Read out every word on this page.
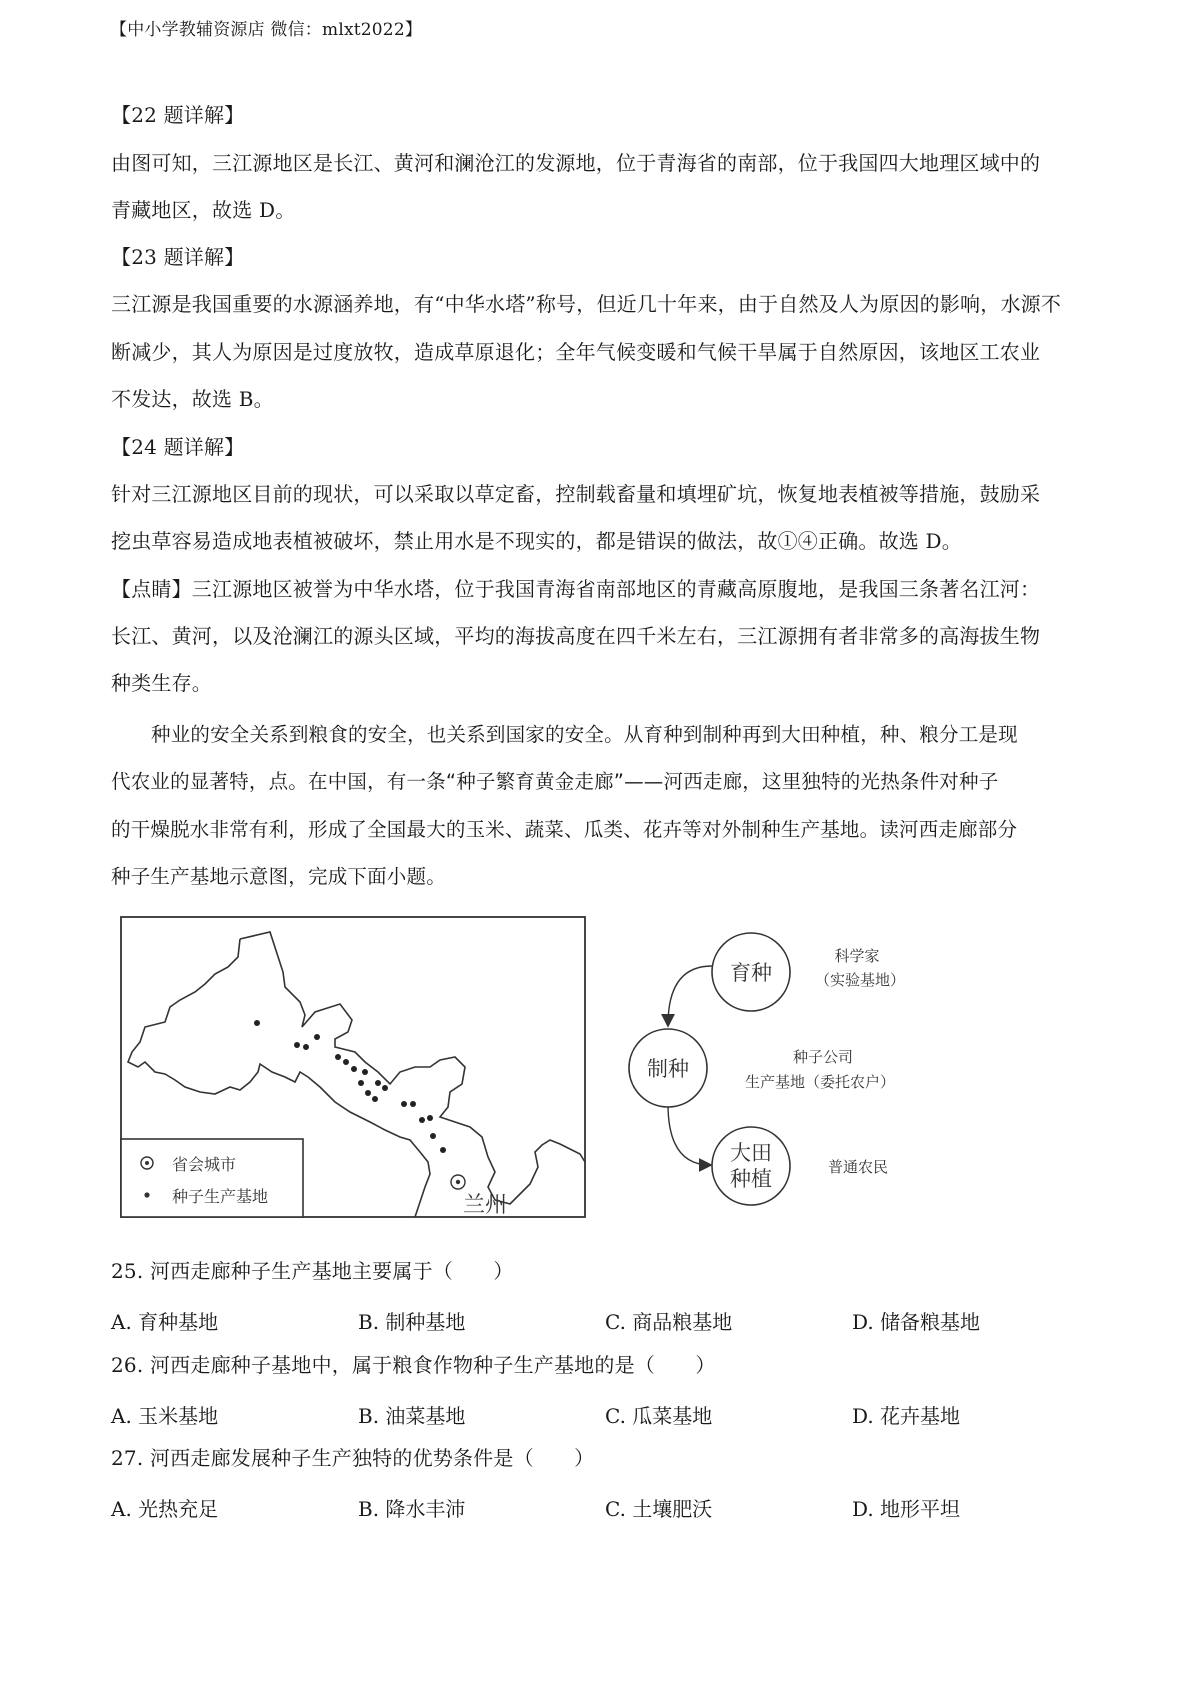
【中小学教辅资源店 微信：mlxt2022】
【22 题详解】
由图可知，三江源地区是长江、黄河和澜沧江的发源地，位于青海省的南部，位于我国四大地理区域中的
青藏地区，故选 D。
【23 题详解】
三江源是我国重要的水源涵养地，有“中华水塔”称号，但近几十年来，由于自然及人为原因的影响，水源不
断减少，其人为原因是过度放牧，造成草原退化；全年气候变暖和气候干旱属于自然原因，该地区工农业
不发达，故选 B。
【24 题详解】
针对三江源地区目前的现状，可以采取以草定畜，控制载畜量和填埋矿坑，恢复地表植被等措施，鼓励采
挖虫草容易造成地表植被破坏，禁止用水是不现实的，都是错误的做法，故①④正确。故选 D。
【点睛】三江源地区被誉为中华水塔，位于我国青海省南部地区的青藏高原腹地，是我国三条著名江河：
长江、黄河，以及沧澜江的源头区域，平均的海拔高度在四千米左右，三江源拥有者非常多的高海拔生物
种类生存。
种业的安全关系到粮食的安全，也关系到国家的安全。从育种到制种再到大田种植，种、粮分工是现
代农业的显著特，点。在中国，有一条“种子繁育黄金走廊”——河西走廊，这里独特的光热条件对种子
的干燥脱水非常有利，形成了全国最大的玉米、蔬菜、瓜类、花卉等对外制种生产基地。读河西走廊部分
种子生产基地示意图，完成下面小题。
兰州
省会城市
种子生产基地
育种
制种
大田
种植
科学家
（实验基地）
种子公司
生产基地（委托农户）
普通农民
25. 河西走廊种子生产基地主要属于（　　）
A. 育种基地	B. 制种基地	C. 商品粮基地	D. 储备粮基地
26. 河西走廊种子基地中，属于粮食作物种子生产基地的是（　　）
A. 玉米基地	B. 油菜基地	C. 瓜菜基地	D. 花卉基地
27. 河西走廊发展种子生产独特的优势条件是（　　）
A. 光热充足	B. 降水丰沛	C. 土壤肥沃	D. 地形平坦
